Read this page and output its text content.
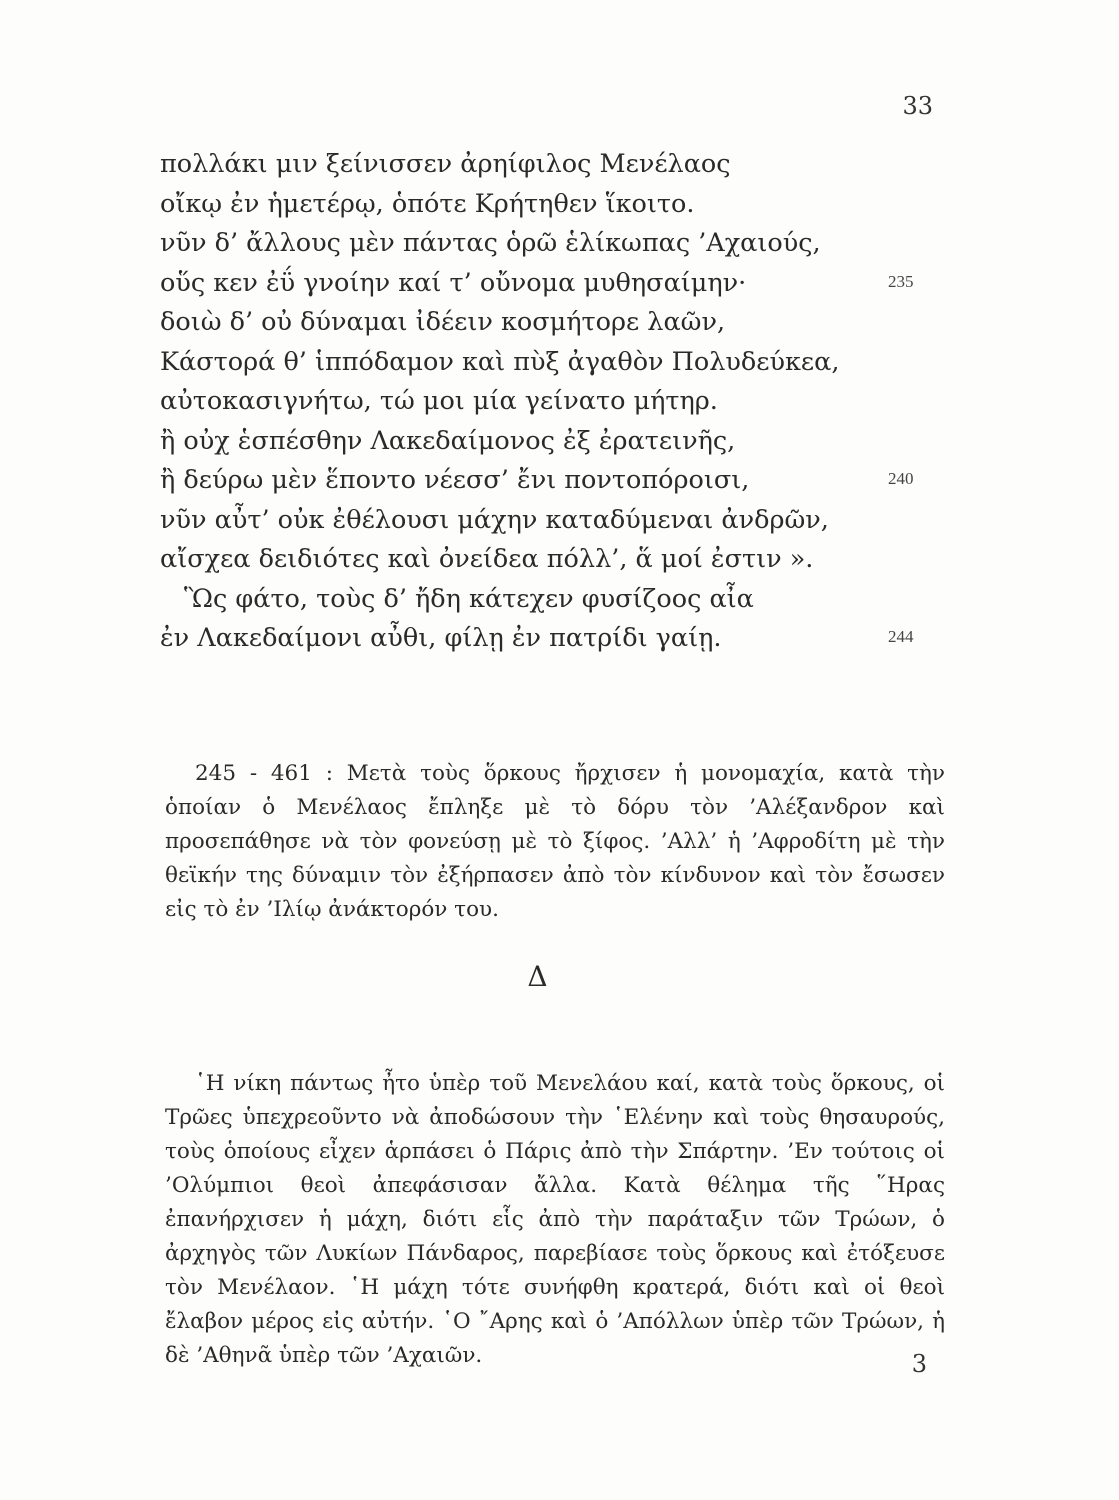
33
πολλάκι μιν ξείνισσεν ἀρηίφιλος Μενέλαος
οἴκῳ ἐν ἡμετέρῳ, ὁπότε Κρήτηθεν ἵκοιτο.
νῦν δ’ ἄλλους μὲν πάντας ὁρῶ ἑλίκωπας ’Αχαιούς,
οὕς κεν ἐΰ γνοίην καί τ’ οὔνομα μυθησαίμην·	235
δοιὼ δ’ οὐ δύναμαι ἰδέειν κοσμήτορε λαῶν,
Κάστορά θ’ ἱππόδαμον καὶ πὺξ ἀγαθὸν Πολυδεύκεα,
αὐτοκασιγνήτω, τώ μοι μία γείνατο μήτηρ.
ἢ οὐχ ἑσπέσθην Λακεδαίμονος ἐξ ἐρατεινῆς,
ἢ δεύρω μὲν ἕποντο νέεσσ’ ἔνι ποντοπόροισι,	240
νῦν αὖτ’ οὐκ ἐθέλουσι μάχην καταδύμεναι ἀνδρῶν,
αἴσχεα δειδιότες καὶ ὀνείδεα πόλλ’, ἅ μοί ἐστιν ».
Ὣς φάτο, τοὺς δ’ ἤδη κάτεχεν φυσίζοος αἶα
ἐν Λακεδαίμονι αὖθι, φίλῃ ἐν πατρίδι γαίῃ.	244

245 - 461 : Μετὰ τοὺς ὅρκους ἤρχισεν ἡ μονομαχία, κατὰ τὴν ὁποίαν ὁ Μενέλαος ἔπληξε μὲ τὸ δόρυ τὸν ’Αλέξανδρον καὶ προσεπάθησε νὰ τὸν φονεύσῃ μὲ τὸ ξίφος. ’Αλλ’ ἡ ’Αφροδίτη μὲ τὴν θεϊκήν της δύναμιν τὸν ἐξήρπασεν ἀπὸ τὸν κίνδυνον καὶ τὸν ἔσωσεν εἰς τὸ ἐν ’Ιλίῳ ἀνάκτορόν του.

Δ

῾Η νίκη πάντως ἦτο ὑπὲρ τοῦ Μενελάου καί, κατὰ τοὺς ὅρκους, οἱ Τρῶες ὑπεχρεοῦντο νὰ ἀποδώσουν τὴν ῾Ελένην καὶ τοὺς θησαυρούς, τοὺς ὁποίους εἶχεν ἁρπάσει ὁ Πάρις ἀπὸ τὴν Σπάρτην. ’Εν τούτοις οἱ ’Ολύμπιοι θεοὶ ἀπεφάσισαν ἄλλα. Κατὰ θέλημα τῆς ῞Ηρας ἐπανήρχισεν ἡ μάχη, διότι εἷς ἀπὸ τὴν παράταξιν τῶν Τρώων, ὁ ἀρχηγὸς τῶν Λυκίων Πάνδαρος, παρεβίασε τοὺς ὅρκους καὶ ἐτόξευσε τὸν Μενέλαον. ῾Η μάχη τότε συνήφθη κρατερά, διότι καὶ οἱ θεοὶ ἔλαβον μέρος εἰς αὐτήν. ῾Ο ῎Αρης καὶ ὁ ’Απόλλων ὑπὲρ τῶν Τρώων, ἡ δὲ ’Αθηνᾶ ὑπὲρ τῶν ’Αχαιῶν.	3
